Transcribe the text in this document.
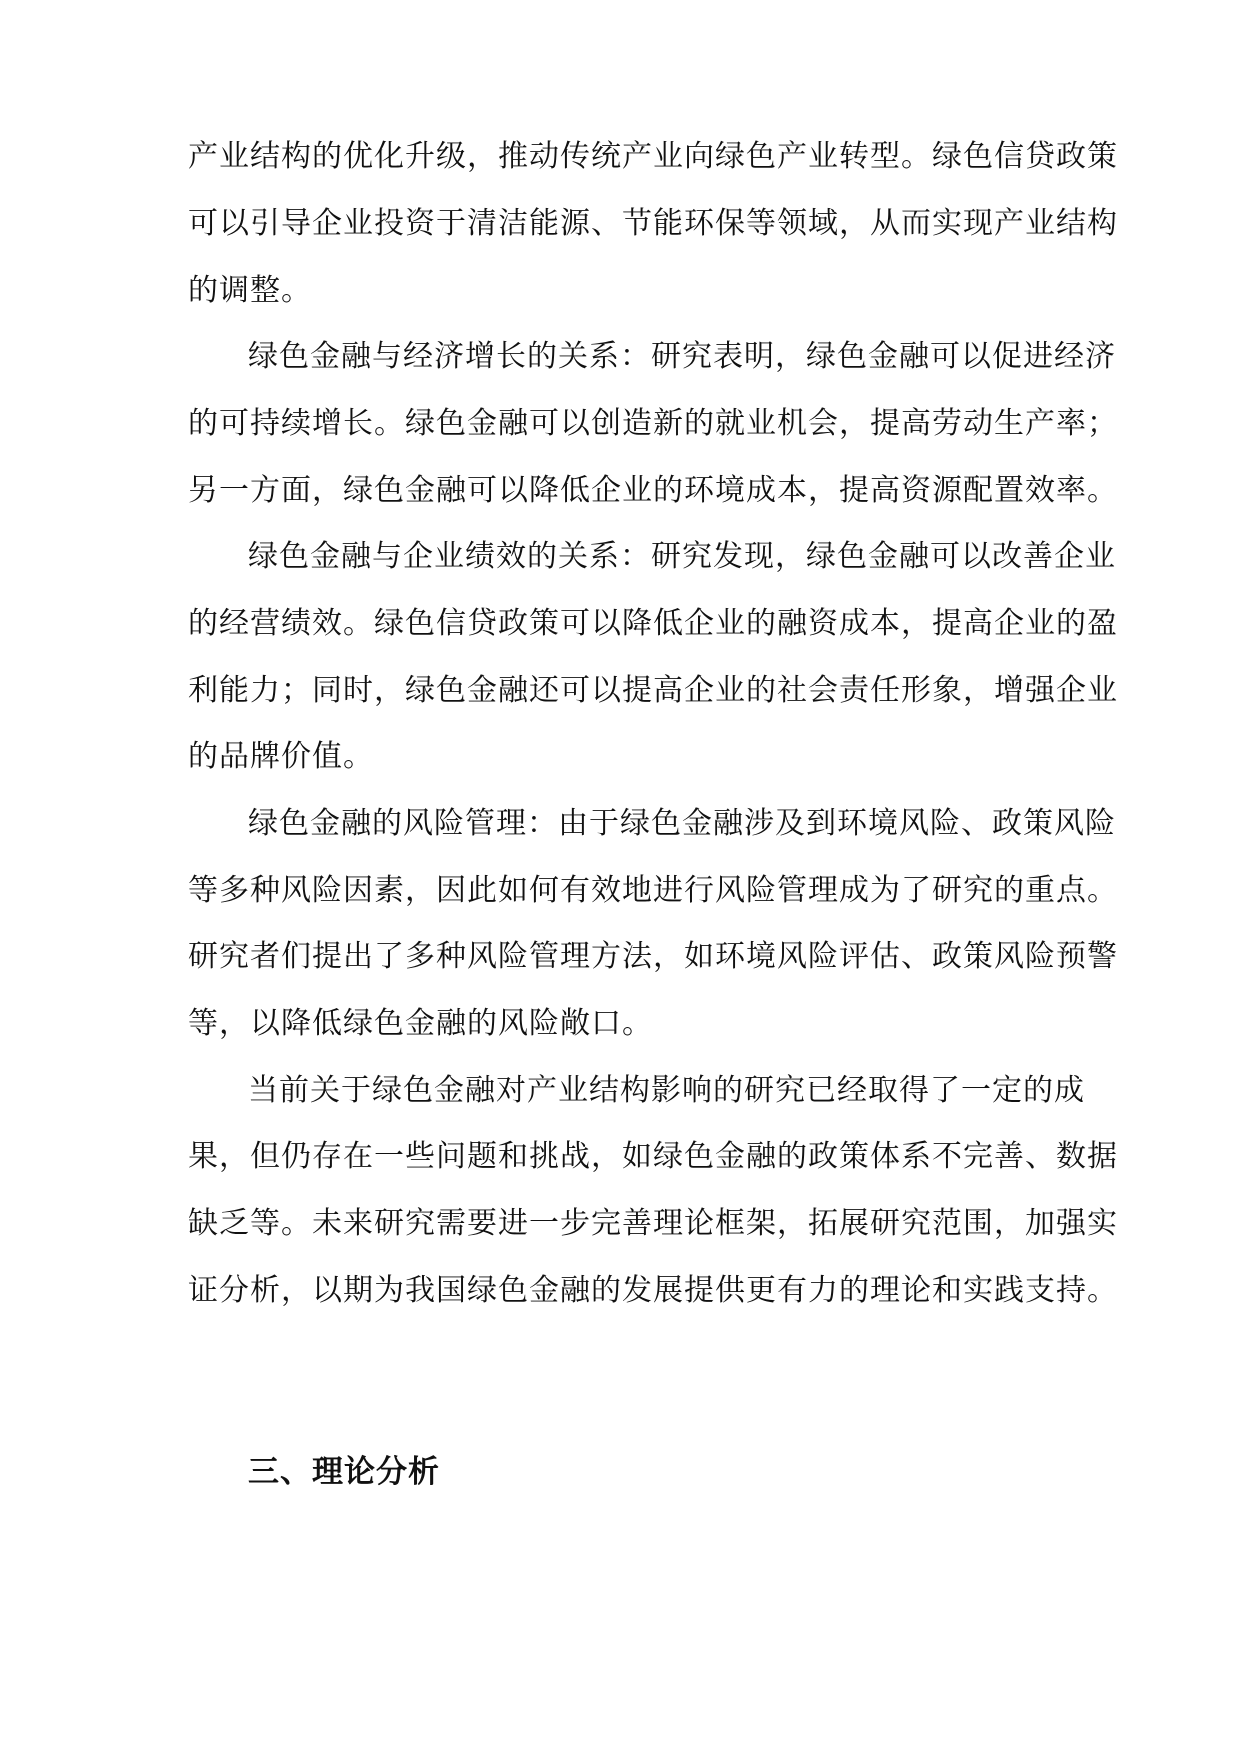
产业结构的优化升级，推动传统产业向绿色产业转型。绿色信贷政策
可以引导企业投资于清洁能源、节能环保等领域，从而实现产业结构
的调整。
绿色金融与经济增长的关系：研究表明，绿色金融可以促进经济
的可持续增长。绿色金融可以创造新的就业机会，提高劳动生产率；
另一方面，绿色金融可以降低企业的环境成本，提高资源配置效率。
绿色金融与企业绩效的关系：研究发现，绿色金融可以改善企业
的经营绩效。绿色信贷政策可以降低企业的融资成本，提高企业的盈
利能力；同时，绿色金融还可以提高企业的社会责任形象，增强企业
的品牌价值。
绿色金融的风险管理：由于绿色金融涉及到环境风险、政策风险
等多种风险因素，因此如何有效地进行风险管理成为了研究的重点。
研究者们提出了多种风险管理方法，如环境风险评估、政策风险预警
等，以降低绿色金融的风险敞口。
当前关于绿色金融对产业结构影响的研究已经取得了一定的成
果，但仍存在一些问题和挑战，如绿色金融的政策体系不完善、数据
缺乏等。未来研究需要进一步完善理论框架，拓展研究范围，加强实
证分析，以期为我国绿色金融的发展提供更有力的理论和实践支持。
三、理论分析
